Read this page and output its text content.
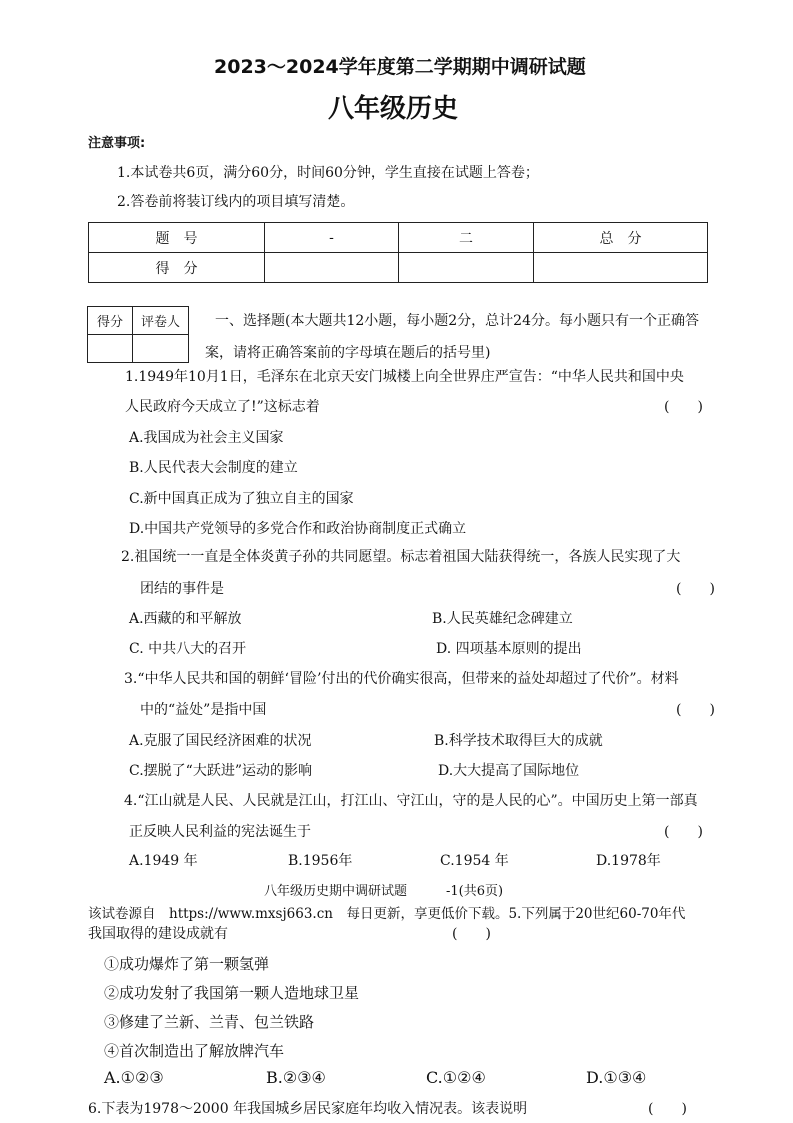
2023～2024学年度第二学期期中调研试题
八年级历史
注意事项:
1.本试卷共6页，满分60分，时间60分钟，学生直接在试题上答卷；
2.答卷前将装订线内的项目填写清楚。
题　号	-	二	总　分
得　分			
得分	评卷人
		一、选择题(本大题共12小题，每小题2分，总计24分。每小题只有一个正确答
案，请将正确答案前的字母填在题后的括号里)
1.1949年10月1日，毛泽东在北京天安门城楼上向全世界庄严宣告：“中华人民共和国中央
人民政府今天成立了!”这标志着	(　　)
A.我国成为社会主义国家
B.人民代表大会制度的建立
C.新中国真正成为了独立自主的国家
D.中国共产党领导的多党合作和政治协商制度正式确立
2.祖国统一一直是全体炎黄子孙的共同愿望。标志着祖国大陆获得统一，各族人民实现了大
团结的事件是	(　　)
A.西藏的和平解放	B.人民英雄纪念碑建立
C. 中共八大的召开	D. 四项基本原则的提出
3.“中华人民共和国的朝鲜‘冒险’付出的代价确实很高，但带来的益处却超过了代价”。材料
中的“益处”是指中国	(　　)
A.克服了国民经济困难的状况	B.科学技术取得巨大的成就
C.摆脱了“大跃进”运动的影响	D.大大提高了国际地位
4.“江山就是人民、人民就是江山，打江山、守江山，守的是人民的心”。中国历史上第一部真
正反映人民利益的宪法诞生于	(　　)
A.1949 年	B.1956年	C.1954 年	D.1978年
八年级历史期中调研试题　　　-1(共6页)
该试卷源自　https://www.mxsj663.cn　每日更新，享更低价下载。5.下列属于20世纪60-70年代
我国取得的建设成就有	(　　)
①成功爆炸了第一颗氢弹
②成功发射了我国第一颗人造地球卫星
③修建了兰新、兰青、包兰铁路
④首次制造出了解放牌汽车
A.①②③	B.②③④	C.①②④	D.①③④
6.下表为1978～2000 年我国城乡居民家庭年均收入情况表。该表说明	(　　)
